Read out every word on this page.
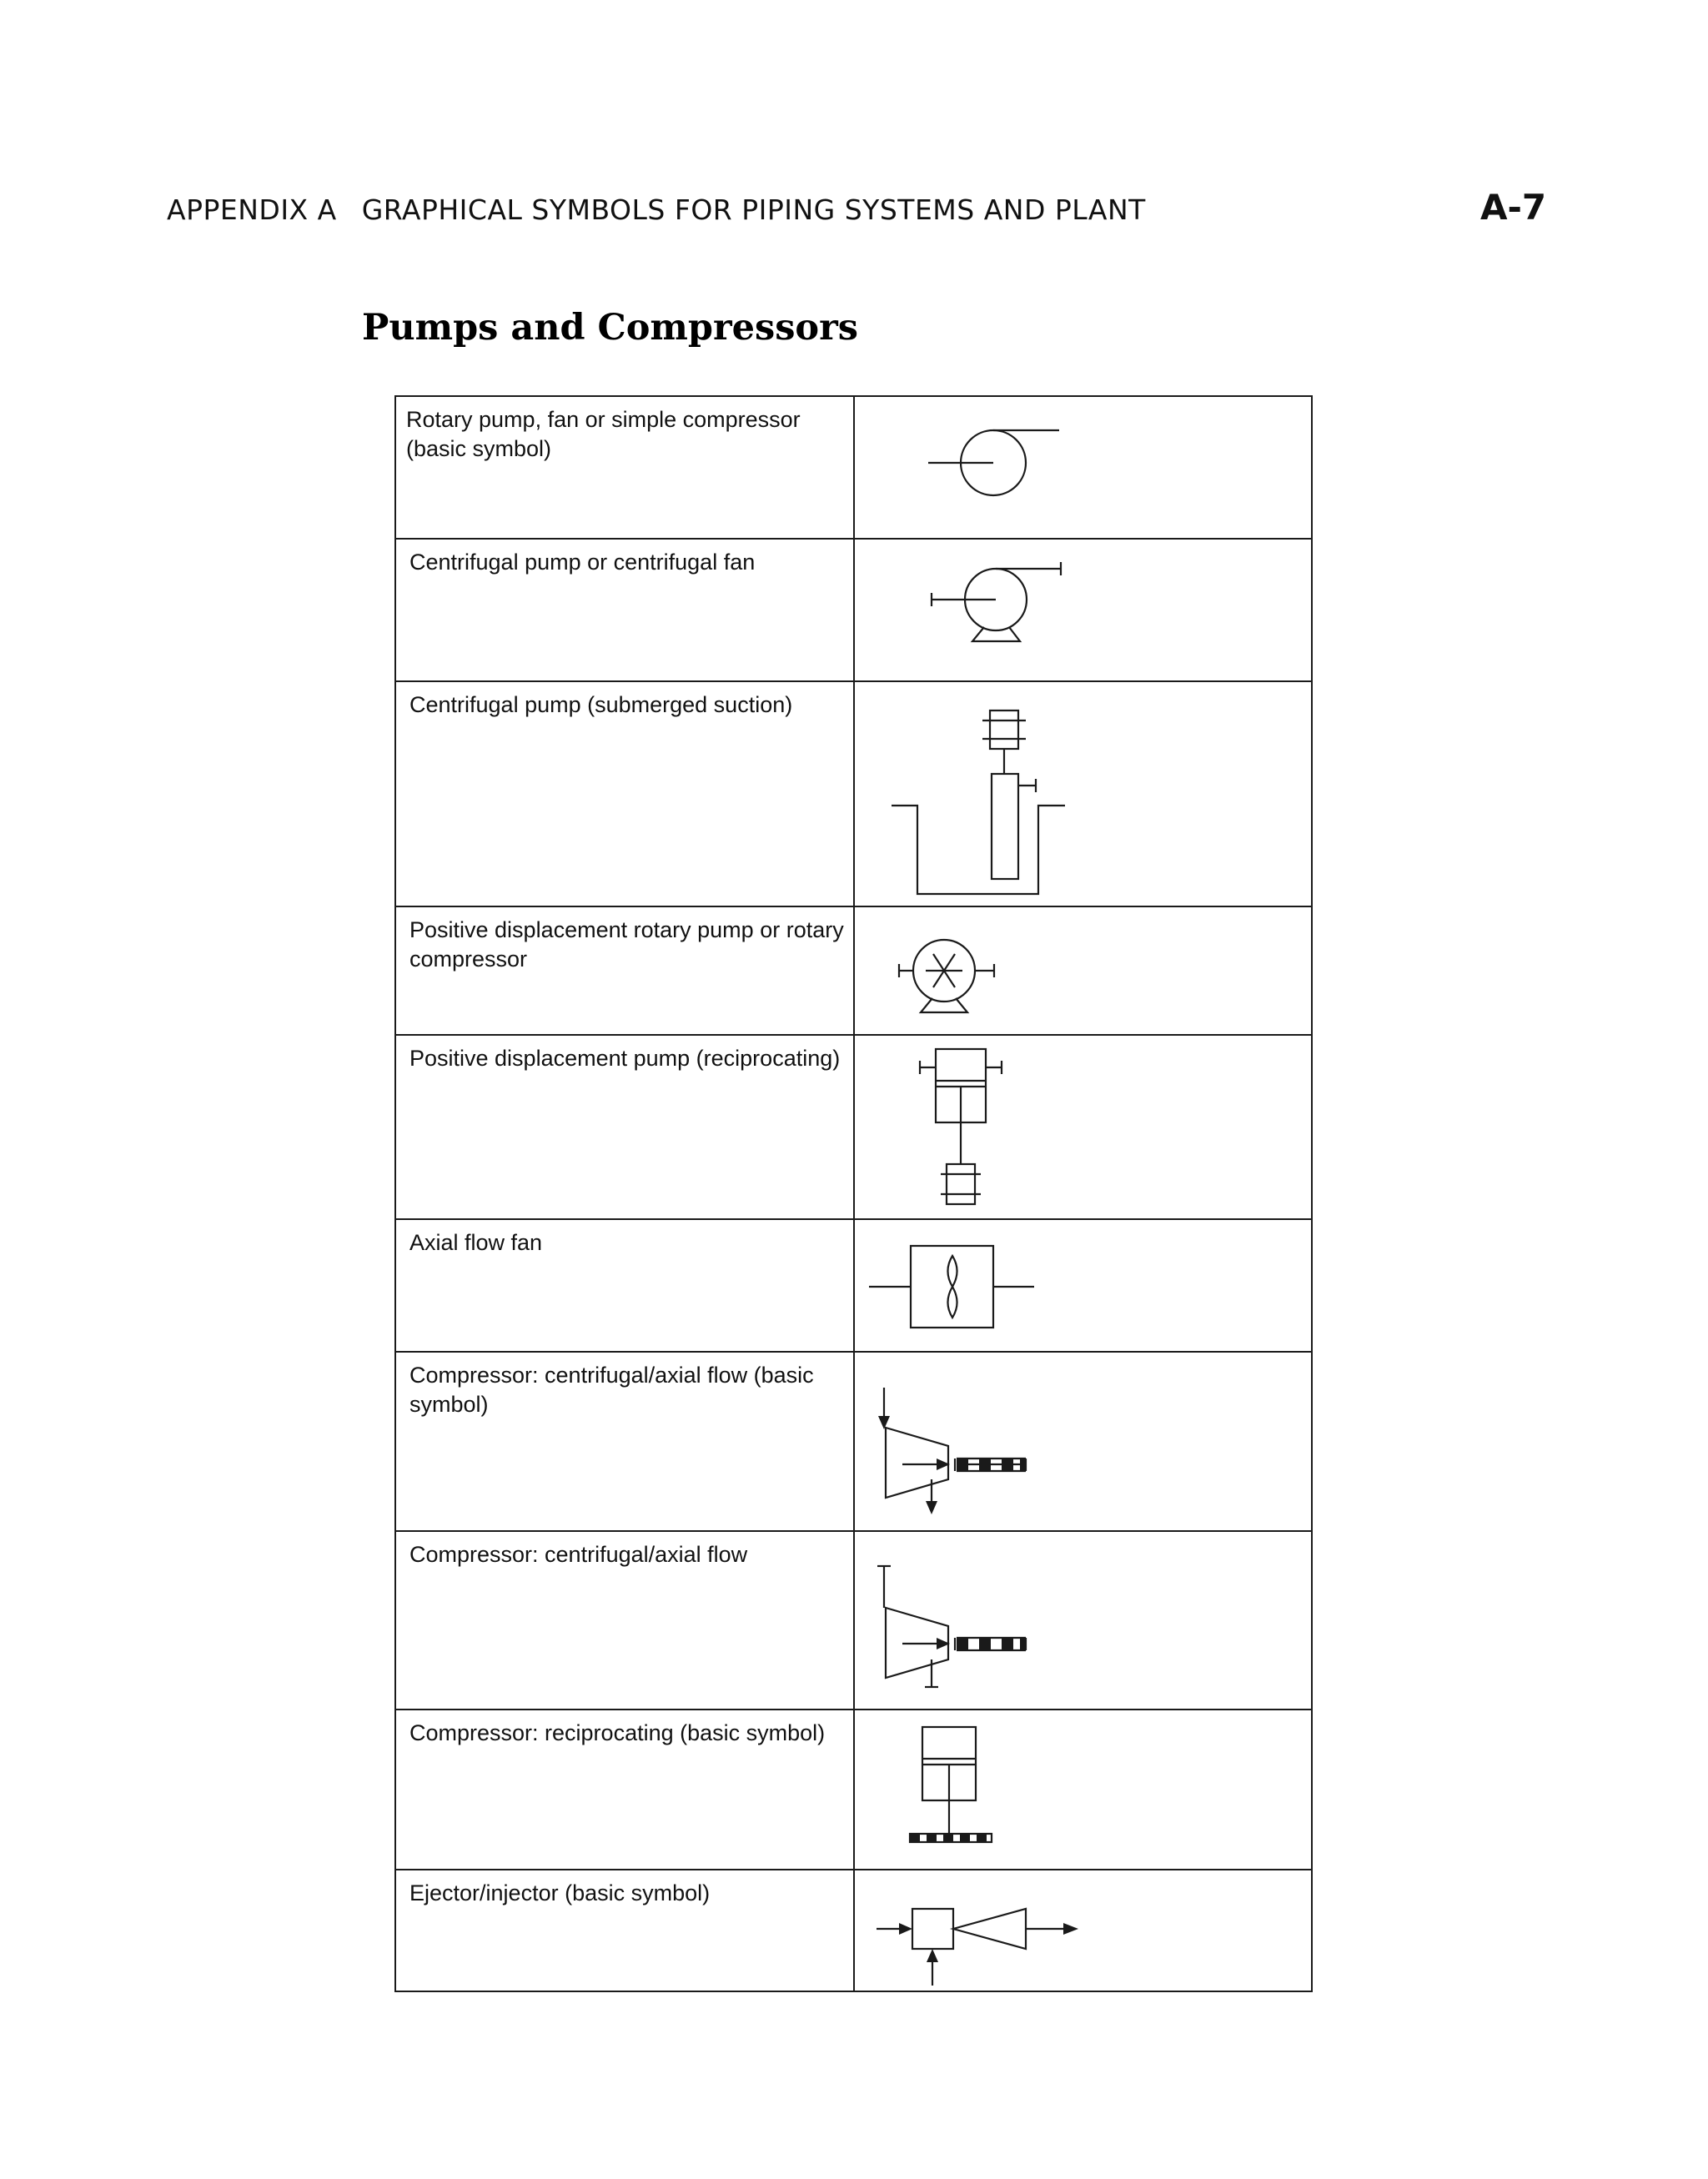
APPENDIX A GRAPHICAL SYMBOLS FOR PIPING SYSTEMS AND PLANT	A-7
Pumps and Compressors
Rotary pump, fan or simple compressor (basic symbol)
Centrifugal pump or centrifugal fan
Centrifugal pump (submerged suction)
Positive displacement rotary pump or rotary compressor
Positive displacement pump (reciprocating)
Axial flow fan
Compressor: centrifugal/axial flow (basic symbol)
Compressor: centrifugal/axial flow
Compressor: reciprocating (basic symbol)
Ejector/injector (basic symbol)
